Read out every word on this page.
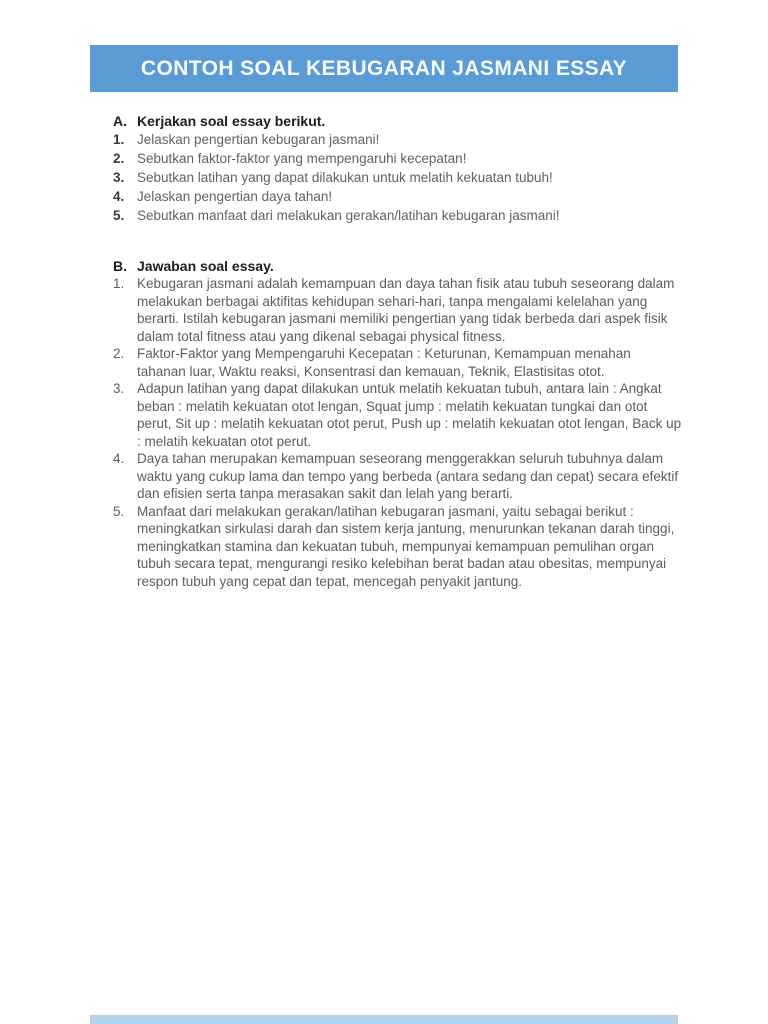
CONTOH SOAL KEBUGARAN JASMANI ESSAY
A. Kerjakan soal essay berikut.
1. Jelaskan pengertian kebugaran jasmani!
2. Sebutkan faktor-faktor yang mempengaruhi kecepatan!
3. Sebutkan latihan yang dapat dilakukan untuk melatih kekuatan tubuh!
4. Jelaskan pengertian daya tahan!
5. Sebutkan manfaat dari melakukan gerakan/latihan kebugaran jasmani!
B. Jawaban soal essay.
1. Kebugaran jasmani adalah kemampuan dan daya tahan fisik atau tubuh seseorang dalam melakukan berbagai aktifitas kehidupan sehari-hari, tanpa mengalami kelelahan yang berarti. Istilah kebugaran jasmani memiliki pengertian yang tidak berbeda dari aspek fisik dalam total fitness atau yang dikenal sebagai physical fitness.
2. Faktor-Faktor yang Mempengaruhi Kecepatan : Keturunan, Kemampuan menahan tahanan luar, Waktu reaksi, Konsentrasi dan kemauan, Teknik, Elastisitas otot.
3. Adapun latihan yang dapat dilakukan untuk melatih kekuatan tubuh, antara lain : Angkat beban : melatih kekuatan otot lengan, Squat jump : melatih kekuatan tungkai dan otot perut, Sit up : melatih kekuatan otot perut, Push up : melatih kekuatan otot lengan, Back up : melatih kekuatan otot perut.
4. Daya tahan merupakan kemampuan seseorang menggerakkan seluruh tubuhnya dalam waktu yang cukup lama dan tempo yang berbeda (antara sedang dan cepat) secara efektif dan efisien serta tanpa merasakan sakit dan lelah yang berarti.
5. Manfaat dari melakukan gerakan/latihan kebugaran jasmani, yaitu sebagai berikut : meningkatkan sirkulasi darah dan sistem kerja jantung, menurunkan tekanan darah tinggi, meningkatkan stamina dan kekuatan tubuh, mempunyai kemampuan pemulihan organ tubuh secara tepat, mengurangi resiko kelebihan berat badan atau obesitas, mempunyai respon tubuh yang cepat dan tepat, mencegah penyakit jantung.
